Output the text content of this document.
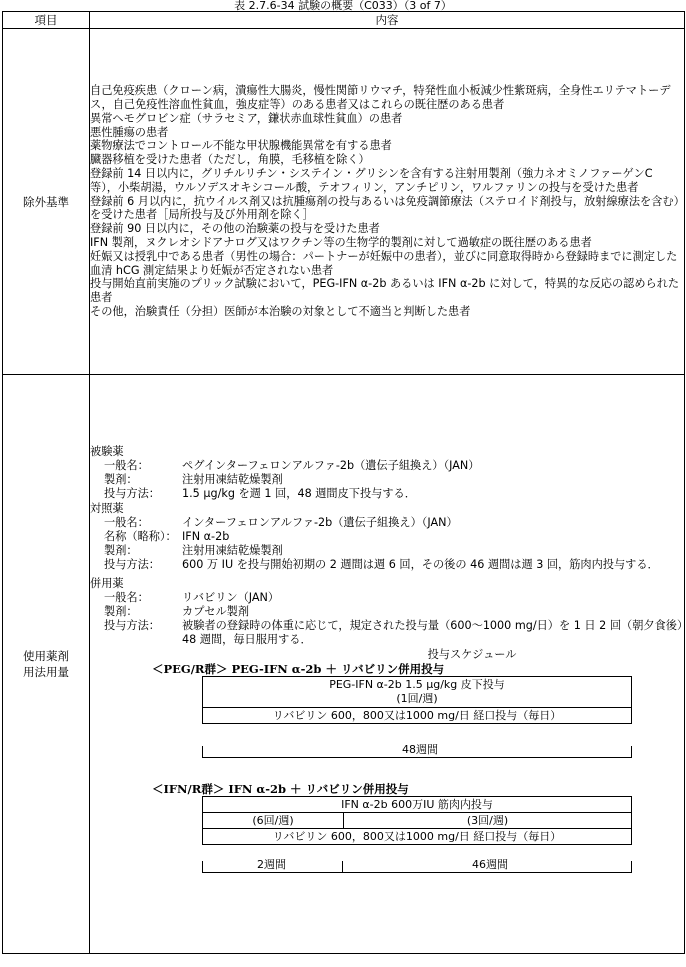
表 2.7.6-34 試験の概要（C033）（3 of 7）
項目	内容
除外基準	

自己免疫疾患（クローン病，潰瘍性大腸炎，慢性関節リウマチ，特発性血小板減少性紫斑病，全身性エリテマトーデス，自己免疫性溶血性貧血，強皮症等）のある患者又はこれらの既往歴のある患者

異常ヘモグロビン症（サラセミア，鎌状赤血球性貧血）の患者

悪性腫瘍の患者

薬物療法でコントロール不能な甲状腺機能異常を有する患者

臓器移植を受けた患者（ただし，角膜，毛移植を除く）

登録前 14 日以内に，グリチルリチン・システイン・グリシンを含有する注射用製剤（強力ネオミノファーゲンC 等），小柴胡湯，ウルソデスオキシコール酸，テオフィリン，アンチピリン，ワルファリンの投与を受けた患者

登録前 6 月以内に，抗ウイルス剤又は抗腫瘍剤の投与あるいは免疫調節療法（ステロイド剤投与，放射線療法を含む）を受けた患者［局所投与及び外用剤を除く］

登録前 90 日以内に，その他の治験薬の投与を受けた患者

IFN 製剤，ヌクレオシドアナログ又はワクチン等の生物学的製剤に対して過敏症の既往歴のある患者

妊娠又は授乳中である患者（男性の場合：パートナーが妊娠中の患者），並びに同意取得時から登録時までに測定した血清 hCG 測定結果より妊娠が否定されない患者

投与開始直前実施のプリック試験において，PEG-IFN α-2b あるいは IFN α-2b に対して，特異的な反応の認められた患者

その他，治験責任（分担）医師が本治験の対象として不適当と判断した患者

使用薬剤
用法用量

被験薬
一般名：	ペグインターフェロンアルファ-2b（遺伝子組換え）（JAN）
製剤：	注射用凍結乾燥製剤
投与方法： 1.5 μg/kg を週 1 回，48 週間皮下投与する．
対照薬
一般名：	インターフェロンアルファ-2b（遺伝子組換え）（JAN）
名称（略称）： IFN α-2b
製剤：	注射用凍結乾燥製剤
投与方法：	600 万 IU を投与開始初期の 2 週間は週 6 回，その後の 46 週間は週 3 回，筋肉内投与する．
併用薬
一般名：	リバビリン（JAN）
製剤：	カプセル製剤
投与方法：	被験者の登録時の体重に応じて，規定された投与量（600～1000 mg/日）を 1 日 2 回（朝夕食後）48 週間，毎日服用する．
投与スケジュール
＜PEG/R群＞ PEG-IFN α-2b ＋ リバビリン併用投与
PEG-IFN α-2b 1.5 μg/kg 皮下投与
(1回/週)

リバビリン 600，800又は1000 mg/日 経口投与（毎日）
48週間
＜IFN/R群＞ IFN α-2b ＋ リバビリン併用投与
IFN α-2b 600万IU 筋肉内投与
(6回/週)	(3回/週)
リバビリン 600，800又は1000 mg/日 経口投与（毎日）
2週間	46週間
